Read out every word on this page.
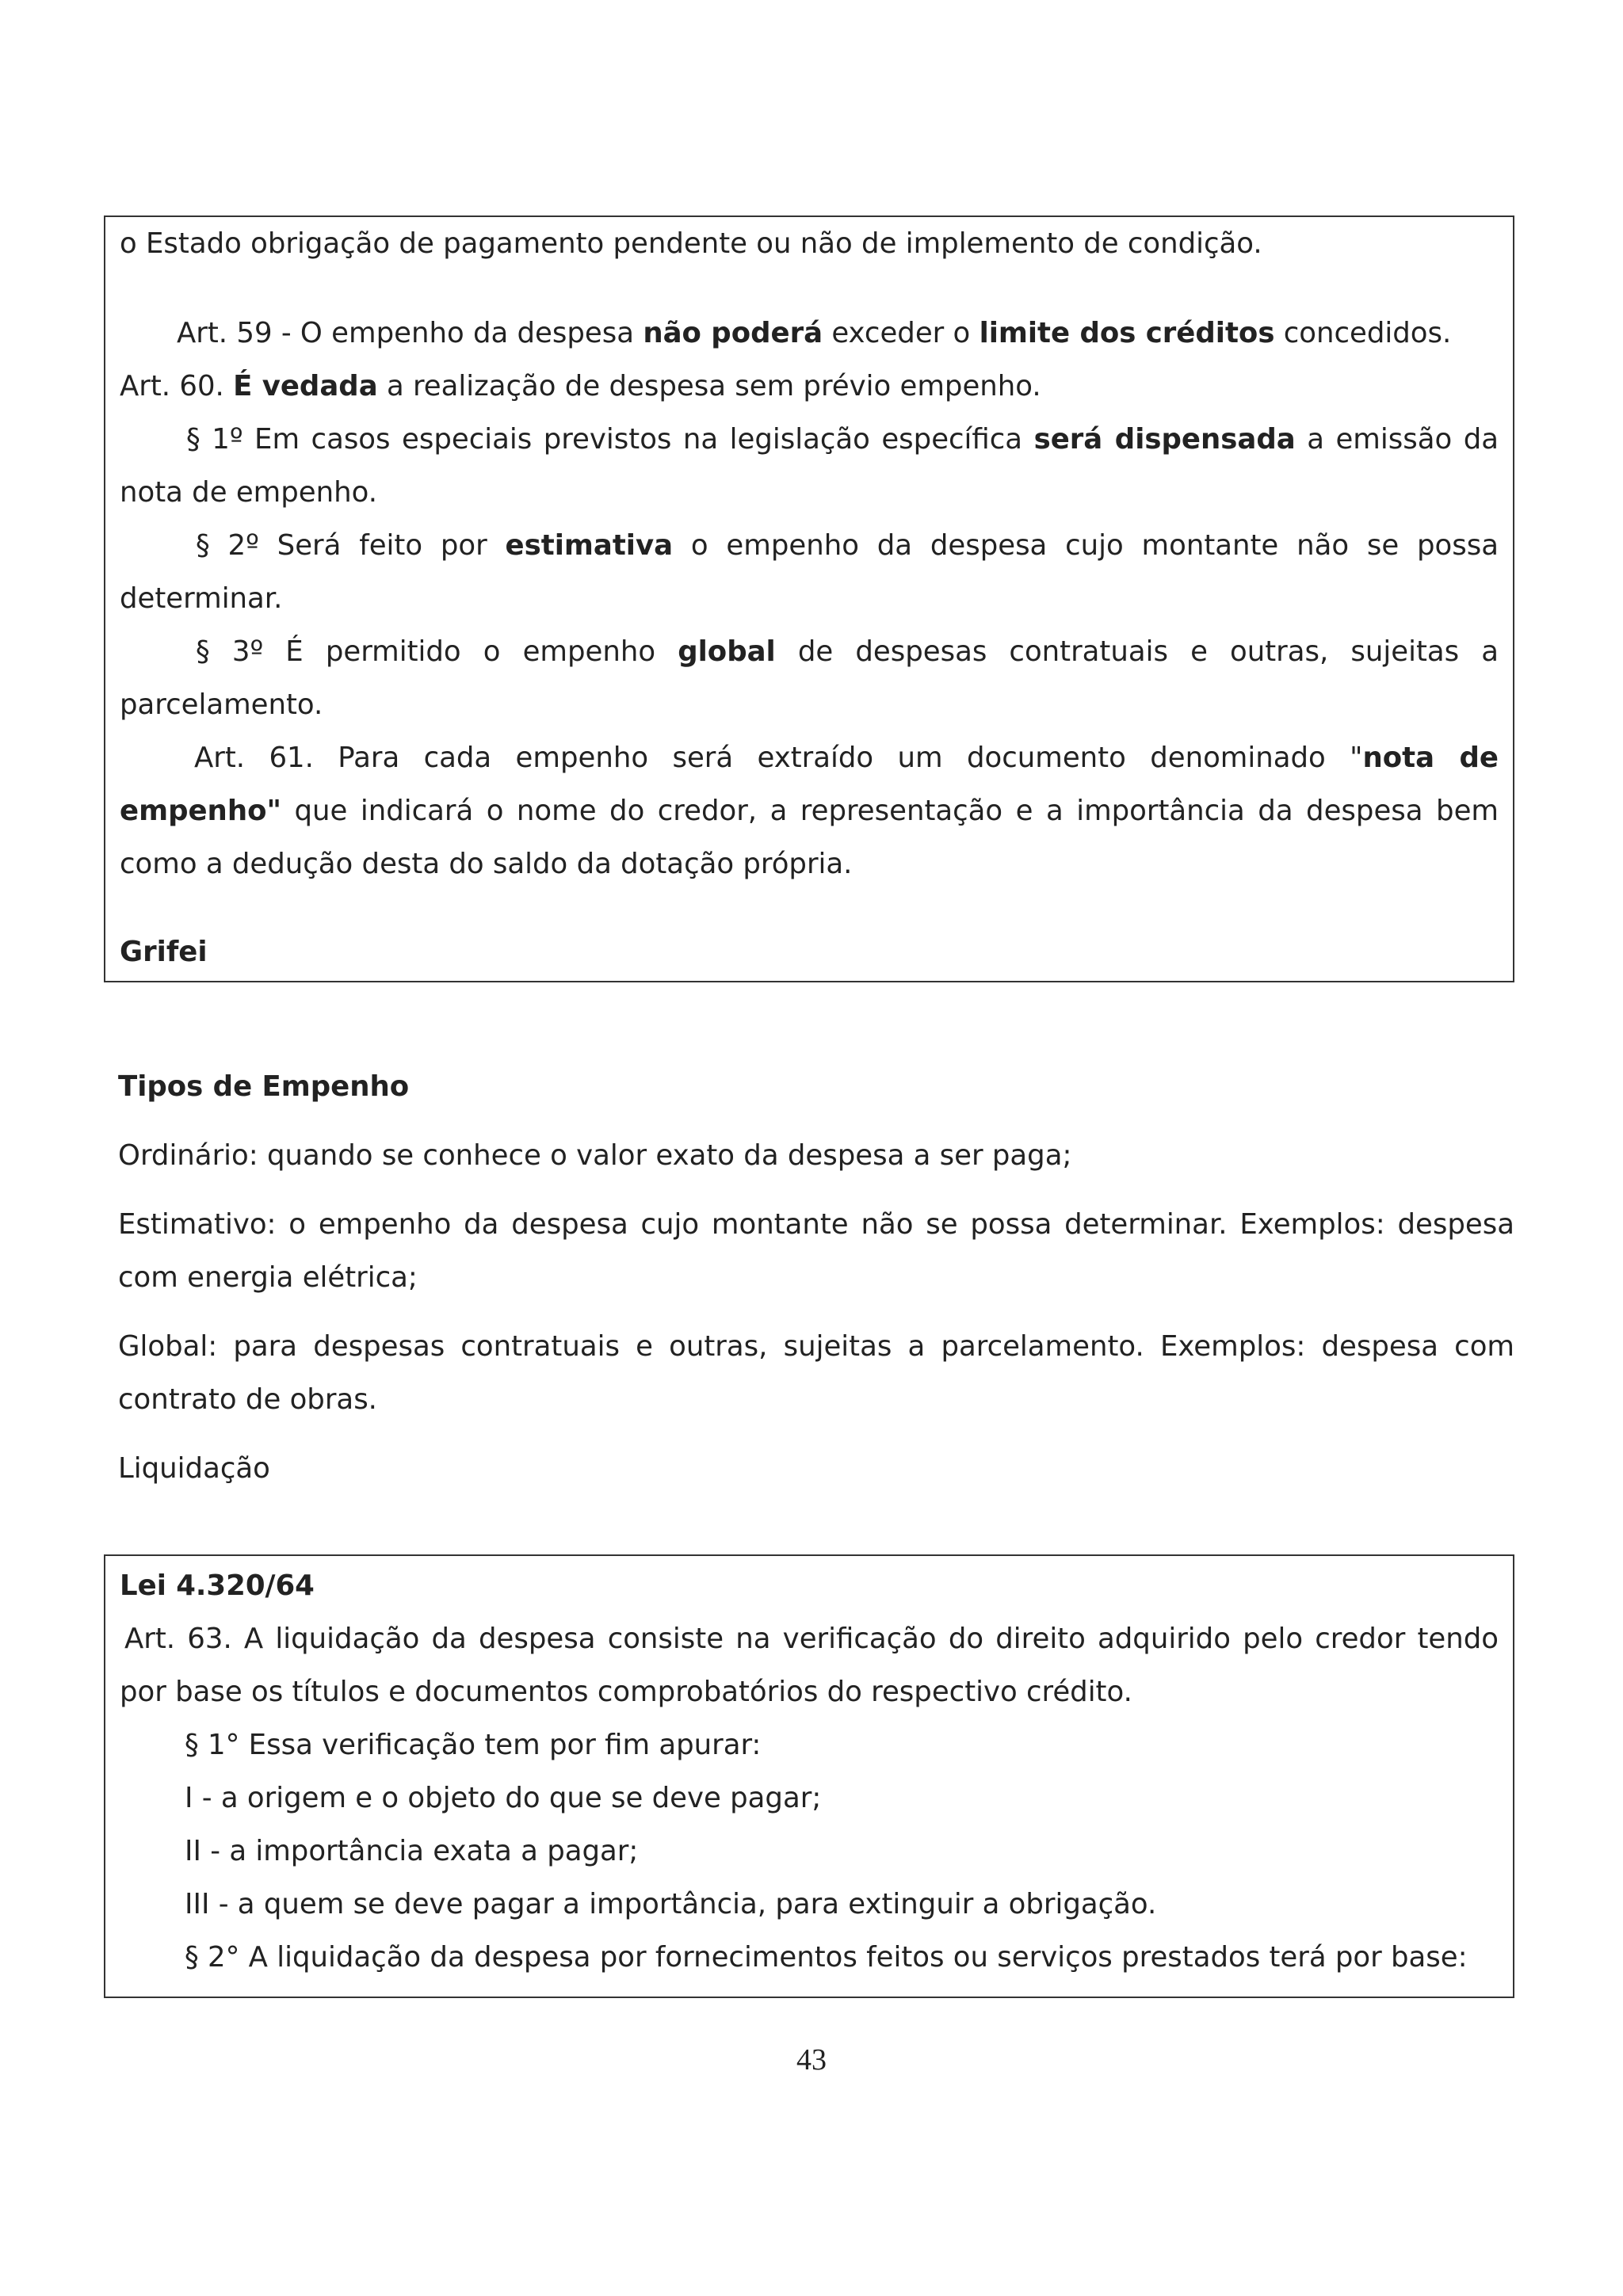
o Estado obrigação de pagamento pendente ou não de implemento de condição.

Art. 59 - O empenho da despesa não poderá exceder o limite dos créditos concedidos.

Art. 60. É vedada a realização de despesa sem prévio empenho.

§ 1º Em casos especiais previstos na legislação específica será dispensada a emissão da nota de empenho.

§ 2º Será feito por estimativa o empenho da despesa cujo montante não se possa determinar.

§ 3º É permitido o empenho global de despesas contratuais e outras, sujeitas a parcelamento.

Art. 61. Para cada empenho será extraído um documento denominado "nota de empenho" que indicará o nome do credor, a representação e a importância da despesa bem como a dedução desta do saldo da dotação própria.

Grifei

Tipos de Empenho

Ordinário: quando se conhece o valor exato da despesa a ser paga;

Estimativo: o empenho da despesa cujo montante não se possa determinar. Exemplos: despesa com energia elétrica;

Global: para despesas contratuais e outras, sujeitas a parcelamento. Exemplos: despesa com contrato de obras.

Liquidação

Lei 4.320/64

Art. 63. A liquidação da despesa consiste na verificação do direito adquirido pelo credor tendo por base os títulos e documentos comprobatórios do respectivo crédito.

§ 1° Essa verificação tem por fim apurar:

I - a origem e o objeto do que se deve pagar;

II - a importância exata a pagar;

III - a quem se deve pagar a importância, para extinguir a obrigação.

§ 2° A liquidação da despesa por fornecimentos feitos ou serviços prestados terá por base:

43
